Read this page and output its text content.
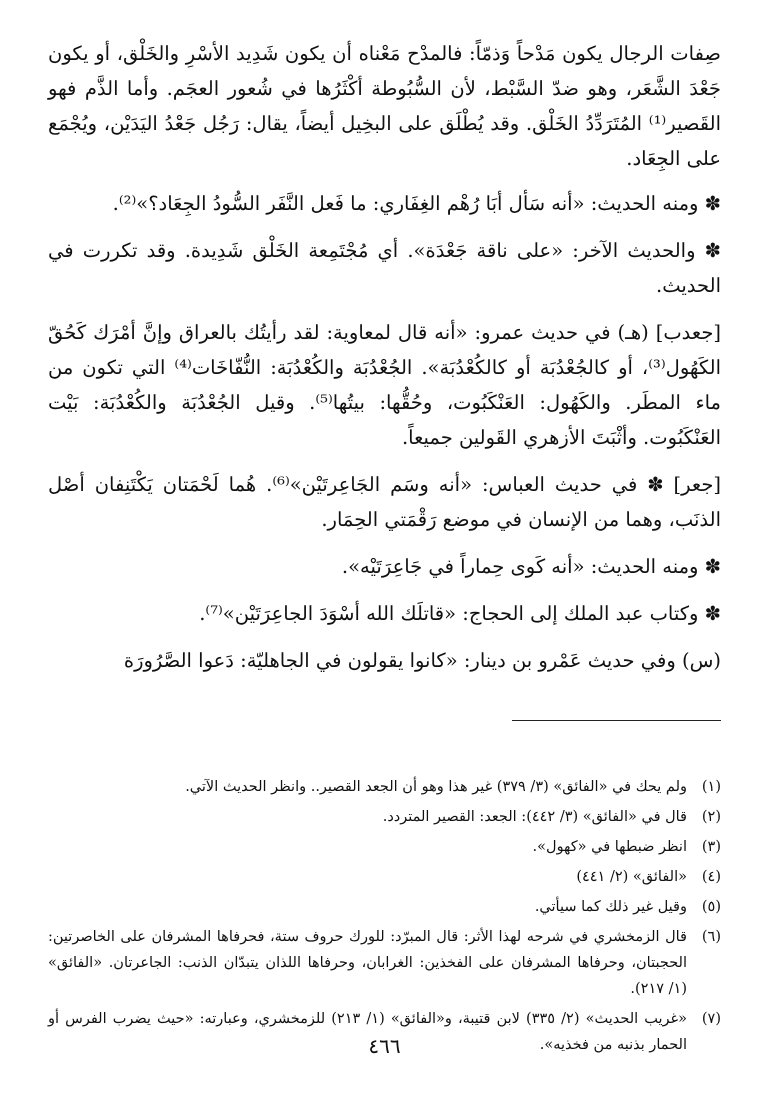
صِفات الرجال يكون مَدْحاً وَذمّاً: فالمدْح مَعْناه أن يكون شَدِيد الأسْرِ والخَلْق، أو يكون جَعْدَ الشَّعَر، وهو ضدّ السَّبْط، لأن السُّبُوطة أكْثَرُها في شُعور العجَم. وأما الذَّم فهو القَصير⁽¹⁾ المُتَرَدِّدُ الخَلْق. وقد يُطْلَق على البخِيل أيضاً، يقال: رَجُل جَعْدُ اليَدَيْن، ويُجْمَع على الجِعَاد.

✽ ومنه الحديث: «أنه سَأل أبَا رُهْم الغِفَاري: ما فَعل النَّفَر السُّودُ الجِعَاد؟»⁽²⁾.

✽ والحديث الآخر: «على ناقة جَعْدَة». أي مُجْتَمِعة الخَلْق شَدِيدة. وقد تكررت في الحديث.

[جعدب] (هـ) في حديث عمرو: «أنه قال لمعاوية: لقد رأيتُك بالعراق وإنَّ أمْرَك كَحُقّ الكَهُول⁽³⁾، أو كالجُعْدُبَة أو كالكُعْدُبَة». الجُعْدُبَة والكُعْدُبَة: النُّفّاخَات⁽⁴⁾ التي تكون من ماء المطَر. والكَهُول: العَنْكَبُوت، وحُقُّها: بيتُها⁽⁵⁾. وقيل الجُعْدُبَة والكُعْدُبَة: بَيْت العَنْكَبُوت. وأثْبَتَ الأزهري القَولين جميعاً.

[جعر] ✽ في حديث العباس: «أنه وسَم الجَاعِرتَيْن»⁽⁶⁾. هُما لَحْمَتان يَكْتَنِفان أصْل الذنَب، وهما من الإنسان في موضع رَقْمَتي الحِمَار.

✽ ومنه الحديث: «أنه كَوى حِماراً في جَاعِرَتَيْه».

✽ وكتاب عبد الملك إلى الحجاج: «قاتلَك الله أسْوَدَ الجاعِرَتَيْن»⁽⁷⁾.

(س) وفي حديث عَمْرو بن دينار: «كانوا يقولون في الجاهليّة: دَعوا الصَّرُورَة

(١)
ولم يحك في «الفائق» (٣/ ٣٧٩) غير هذا وهو أن الجعد القصير.. وانظر الحديث الآتي.
(٢)
قال في «الفائق» (٣/ ٤٤٢): الجعد: القصير المتردد.
(٣)
انظر ضبطها في «كهول».
(٤)
«الفائق» (٢/ ٤٤١)
(٥)
وقيل غير ذلك كما سيأتي.
(٦)
قال الزمخشري في شرحه لهذا الأثر: قال المبرّد: للورك حروف ستة، فحرفاها المشرفان على الخاصرتين: الحجبتان، وحرفاها المشرفان على الفخذين: الغرابان، وحرفاها اللذان يتبدّان الذنب: الجاعرتان. «الفائق» (١/ ٢١٧).
(٧)
«غريب الحديث» (٢/ ٣٣٥) لابن قتيبة، و«الفائق» (١/ ٢١٣) للزمخشري، وعبارته: «حيث يضرب الفرس أو الحمار بذنبه من فخذيه».
٤٦٦
